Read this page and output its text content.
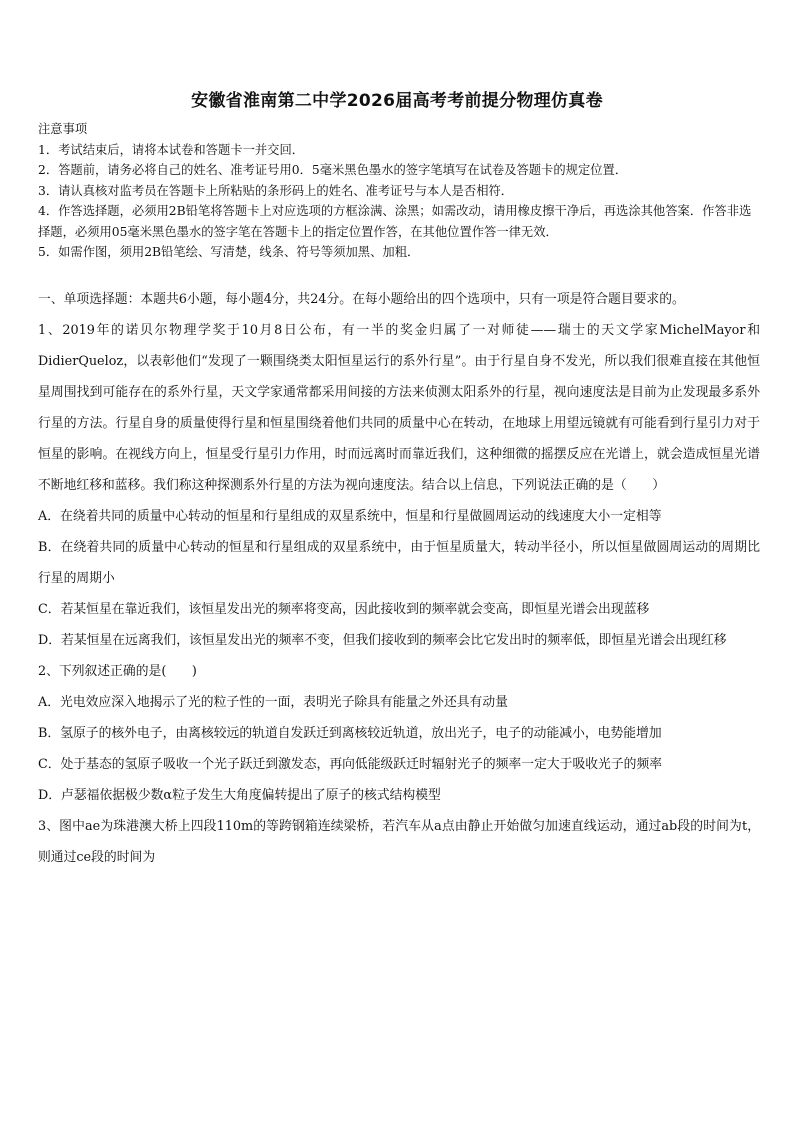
安徽省淮南第二中学2026届高考考前提分物理仿真卷
注意事项
1．考试结束后，请将本试卷和答题卡一并交回．
2．答题前，请务必将自己的姓名、准考证号用0．5毫米黑色墨水的签字笔填写在试卷及答题卡的规定位置．
3．请认真核对监考员在答题卡上所粘贴的条形码上的姓名、准考证号与本人是否相符．
4．作答选择题，必须用2B铅笔将答题卡上对应选项的方框涂满、涂黑；如需改动，请用橡皮擦干净后，再选涂其他答案．作答非选择题，必须用05毫米黑色墨水的签字笔在答题卡上的指定位置作答，在其他位置作答一律无效．
5．如需作图，须用2B铅笔绘、写清楚，线条、符号等须加黑、加粗．

一、单项选择题：本题共6小题，每小题4分，共24分。在每小题给出的四个选项中，只有一项是符合题目要求的。

1、2019年的诺贝尔物理学奖于10月8日公布，有一半的奖金归属了一对师徒——瑞士的天文学家MichelMayor和DidierQueloz，以表彰他们“发现了一颗围绕类太阳恒星运行的系外行星”。由于行星自身不发光，所以我们很难直接在其他恒星周围找到可能存在的系外行星，天文学家通常都采用间接的方法来侦测太阳系外的行星，视向速度法是目前为止发现最多系外行星的方法。行星自身的质量使得行星和恒星围绕着他们共同的质量中心在转动，在地球上用望远镜就有可能看到行星引力对于恒星的影响。在视线方向上，恒星受行星引力作用，时而远离时而靠近我们，这种细微的摇摆反应在光谱上，就会造成恒星光谱不断地红移和蓝移。我们称这种探测系外行星的方法为视向速度法。结合以上信息，下列说法正确的是（　　）

A．在绕着共同的质量中心转动的恒星和行星组成的双星系统中，恒星和行星做圆周运动的线速度大小一定相等

B．在绕着共同的质量中心转动的恒星和行星组成的双星系统中，由于恒星质量大，转动半径小，所以恒星做圆周运动的周期比行星的周期小

C．若某恒星在靠近我们，该恒星发出光的频率将变高，因此接收到的频率就会变高，即恒星光谱会出现蓝移

D．若某恒星在远离我们，该恒星发出光的频率不变，但我们接收到的频率会比它发出时的频率低，即恒星光谱会出现红移

2、下列叙述正确的是(　　)

A．光电效应深入地揭示了光的粒子性的一面，表明光子除具有能量之外还具有动量

B．氢原子的核外电子，由离核较远的轨道自发跃迁到离核较近轨道，放出光子，电子的动能减小，电势能增加

C．处于基态的氢原子吸收一个光子跃迁到激发态，再向低能级跃迁时辐射光子的频率一定大于吸收光子的频率

D．卢瑟福依据极少数α粒子发生大角度偏转提出了原子的核式结构模型

3、图中ae为珠港澳大桥上四段110m的等跨钢箱连续梁桥，若汽车从a点由静止开始做匀加速直线运动，通过ab段的时间为t，则通过ce段的时间为
